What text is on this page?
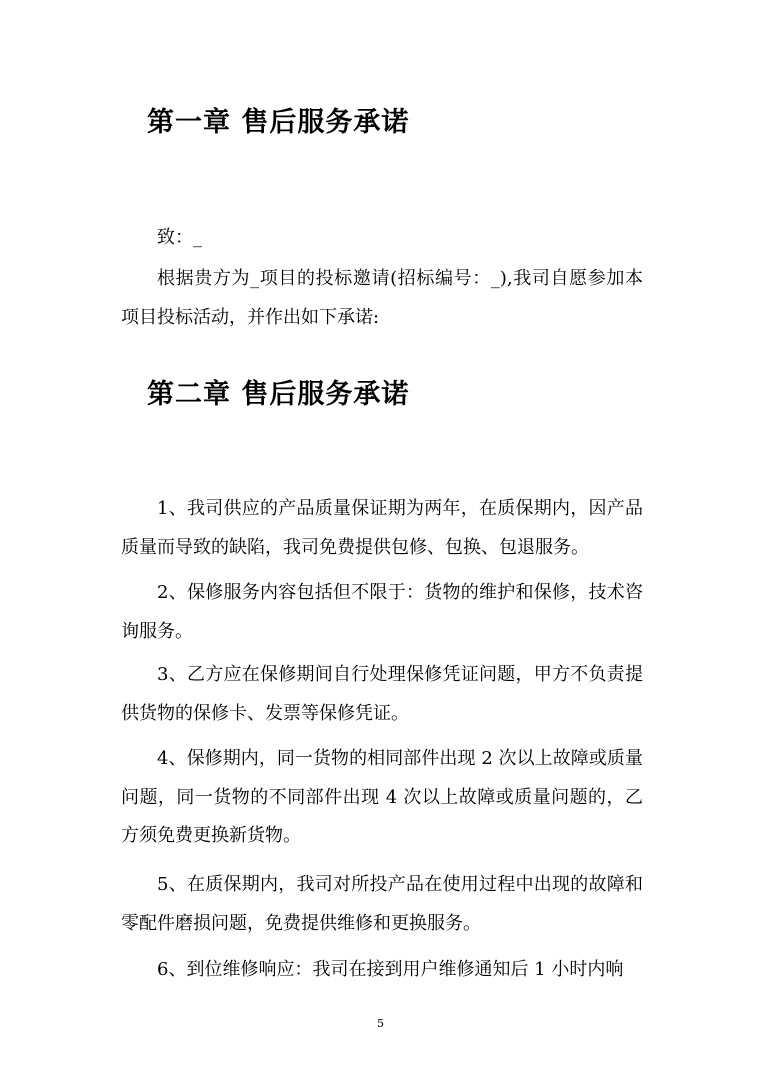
第一章 售后服务承诺

致：_

根据贵方为_项目的投标邀请(招标编号：_),我司自愿参加本项目投标活动，并作出如下承诺:

第二章 售后服务承诺

1、我司供应的产品质量保证期为两年，在质保期内，因产品质量而导致的缺陷，我司免费提供包修、包换、包退服务。

2、保修服务内容包括但不限于：货物的维护和保修，技术咨询服务。

3、乙方应在保修期间自行处理保修凭证问题，甲方不负责提供货物的保修卡、发票等保修凭证。

4、保修期内，同一货物的相同部件出现 2 次以上故障或质量问题，同一货物的不同部件出现 4 次以上故障或质量问题的，乙方须免费更换新货物。

5、在质保期内，我司对所投产品在使用过程中出现的故障和零配件磨损问题，免费提供维修和更换服务。

6、到位维修响应：我司在接到用户维修通知后 1 小时内响

5
